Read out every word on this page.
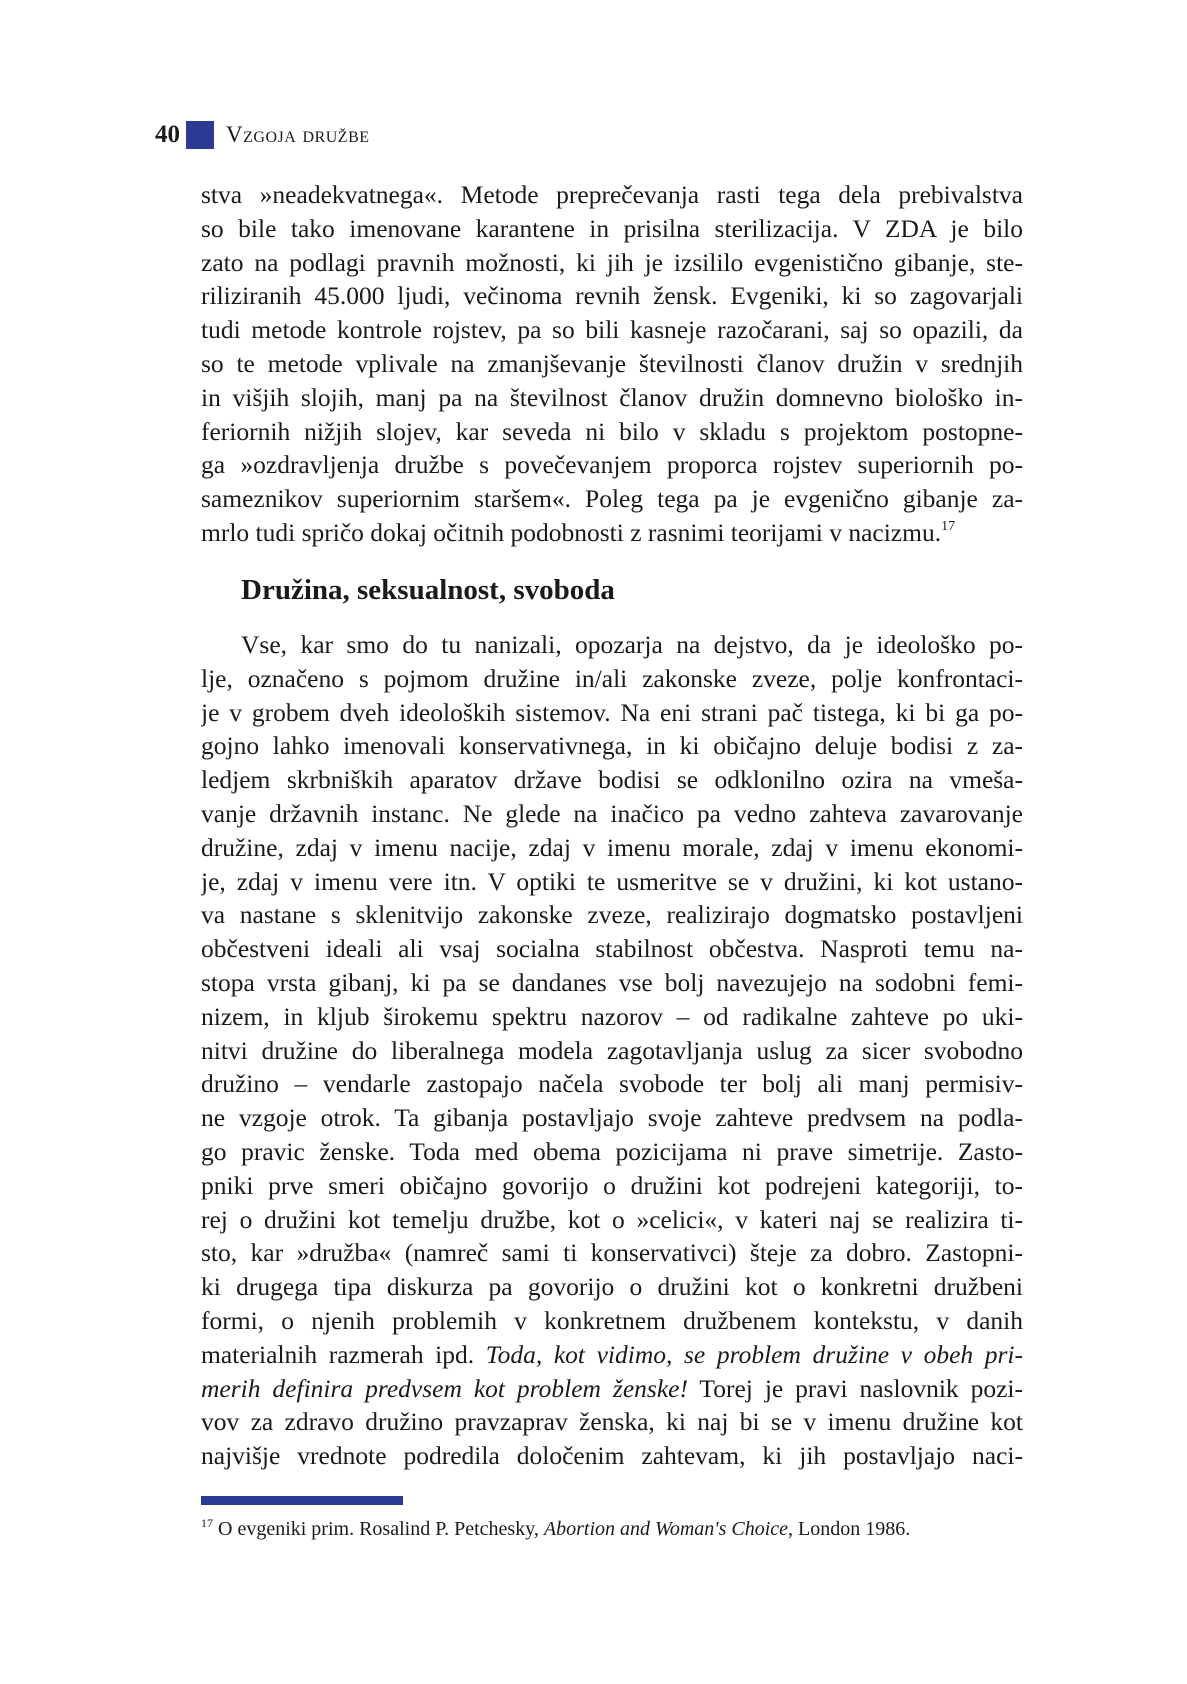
40 Vzgoja družbe
stva »neadekvatnega«. Metode preprečevanja rasti tega dela prebivalstva
so bile tako imenovane karantene in prisilna sterilizacija. V ZDA je bilo
zato na podlagi pravnih možnosti, ki jih je izsililo evgenistično gibanje, ste-
riliziranih 45.000 ljudi, večinoma revnih žensk. Evgeniki, ki so zagovarjali
tudi metode kontrole rojstev, pa so bili kasneje razočarani, saj so opazili, da
so te metode vplivale na zmanjševanje številnosti članov družin v srednjih
in višjih slojih, manj pa na številnost članov družin domnevno biološko in-
feriornih nižjih slojev, kar seveda ni bilo v skladu s projektom postopne-
ga »ozdravljenja družbe s povečevanjem proporca rojstev superiornih po-
sameznikov superiornim staršem«. Poleg tega pa je evgenično gibanje za-
mrlo tudi spričo dokaj očitnih podobnosti z rasnimi teorijami v nacizmu.$^{17}$
Družina, seksualnost, svoboda
Vse, kar smo do tu nanizali, opozarja na dejstvo, da je ideološko po-
lje, označeno s pojmom družine in/ali zakonske zveze, polje konfrontaci-
je v grobem dveh ideoloških sistemov. Na eni strani pač tistega, ki bi ga po-
gojno lahko imenovali konservativnega, in ki običajno deluje bodisi z za-
ledjem skrbniških aparatov države bodisi se odklonilno ozira na vmeša-
vanje državnih instanc. Ne glede na inačico pa vedno zahteva zavarovanje
družine, zdaj v imenu nacije, zdaj v imenu morale, zdaj v imenu ekonomi-
je, zdaj v imenu vere itn. V optiki te usmeritve se v družini, ki kot ustano-
va nastane s sklenitvijo zakonske zveze, realizirajo dogmatsko postavljeni
občestveni ideali ali vsaj socialna stabilnost občestva. Nasproti temu na-
stopa vrsta gibanj, ki pa se dandanes vse bolj navezujejo na sodobni femi-
nizem, in kljub širokemu spektru nazorov – od radikalne zahteve po uki-
nitvi družine do liberalnega modela zagotavljanja uslug za sicer svobodno
družino – vendarle zastopajo načela svobode ter bolj ali manj permisiv-
ne vzgoje otrok. Ta gibanja postavljajo svoje zahteve predvsem na podla-
go pravic ženske. Toda med obema pozicijama ni prave simetrije. Zasto-
pniki prve smeri običajno govorijo o družini kot podrejeni kategoriji, to-
rej o družini kot temelju družbe, kot o »celici«, v kateri naj se realizira ti-
sto, kar »družba« (namreč sami ti konservativci) šteje za dobro. Zastopni-
ki drugega tipa diskurza pa govorijo o družini kot o konkretni družbeni
formi, o njenih problemih v konkretnem družbenem kontekstu, v danih
materialnih razmerah ipd. Toda, kot vidimo, se problem družine v obeh pri-
merih definira predvsem kot problem ženske! Torej je pravi naslovnik pozi-
vov za zdravo družino pravzaprav ženska, ki naj bi se v imenu družine kot
najvišje vrednote podredila določenim zahtevam, ki jih postavljajo naci-
$^{17}$ O evgeniki prim. Rosalind P. Petchesky, Abortion and Woman's Choice, London 1986.
